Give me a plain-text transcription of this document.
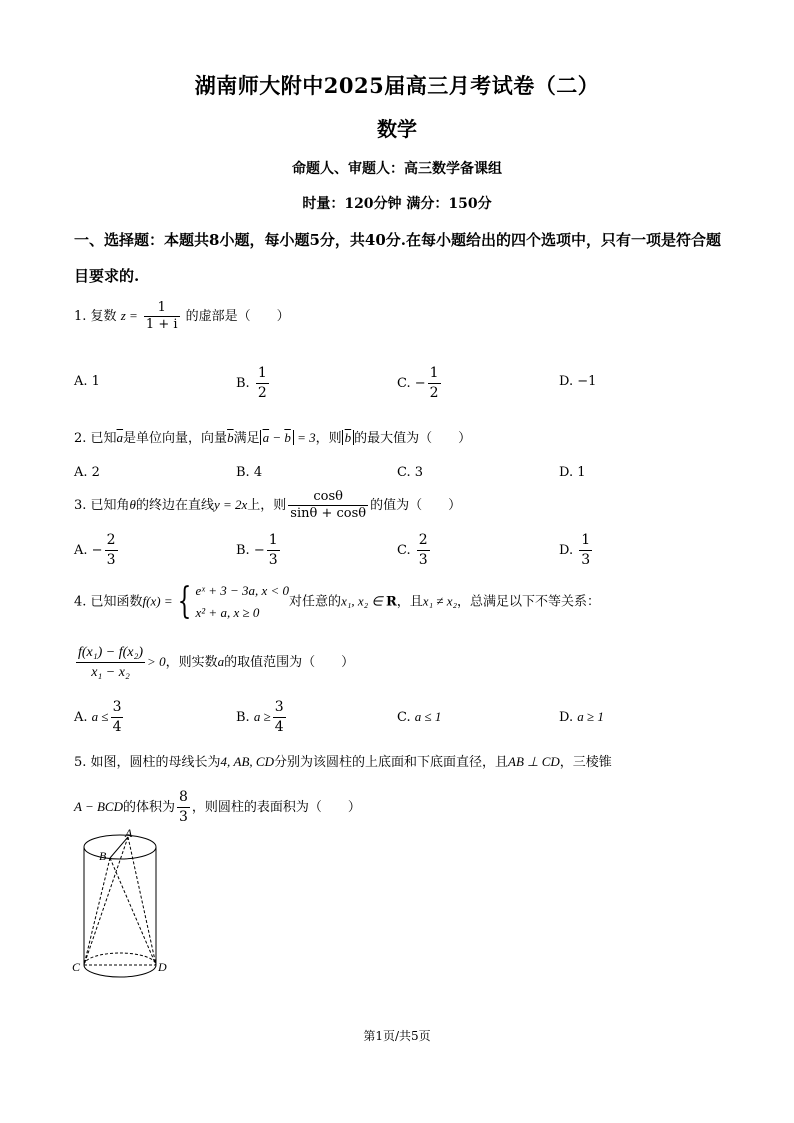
湖南师大附中2025届高三月考试卷（二）
数学
命题人、审题人：高三数学备课组
时量：120分钟 满分：150分
一、选择题：本题共8小题，每小题5分，共40分.在每小题给出的四个选项中，只有一项是符合题目要求的.
1. 复数 $z = \frac{1}{1 + i}$ 的虚部是（　　）
A. 1	B. $\frac{1}{2}$	C. − $\frac{1}{2}$	D. −1
2. 已知$\overline{a}$是单位向量，向量$\overline{b}$满足 $\overline{a} - \overline{b} = 3$，则 $\overline{b}$ 的最大值为（　　）
A. 2	B. 4	C. 3	D. 1
3. 已知角θ的终边在直线y = 2x上，则 $\frac{\cos\theta}{\sin\theta + \cos\theta}$ 的值为（　　）
A. − $\frac{2}{3}$	B. − $\frac{1}{3}$	C. $\frac{2}{3}$	D. $\frac{1}{3}$
4. 已知函数f(x) = { eˣ + 3 − 3a, x < 0
x² + a, x ≥ 0
对任意的x₁, x₂ ∈ R，且x₁ ≠ x₂，总满足以下不等关系：
$\frac{\text{f(x₁) − f(x₂)}}{\text{x₁ − x₂}} > 0$，则实数a的取值范围为（　　）
A. $a \le \frac{3}{4}$	B. $a \ge \frac{3}{4}$	C. a ≤ 1	D. a ≥ 1
5. 如图，圆柱的母线长为4, AB, CD分别为该圆柱的上底面和下底面直径，且AB ⊥ CD，三棱锥
A − BCD的体积为 $\frac{8}{3}$ ，则圆柱的表面积为（　　）
A
B
C	D
第1页/共5页
